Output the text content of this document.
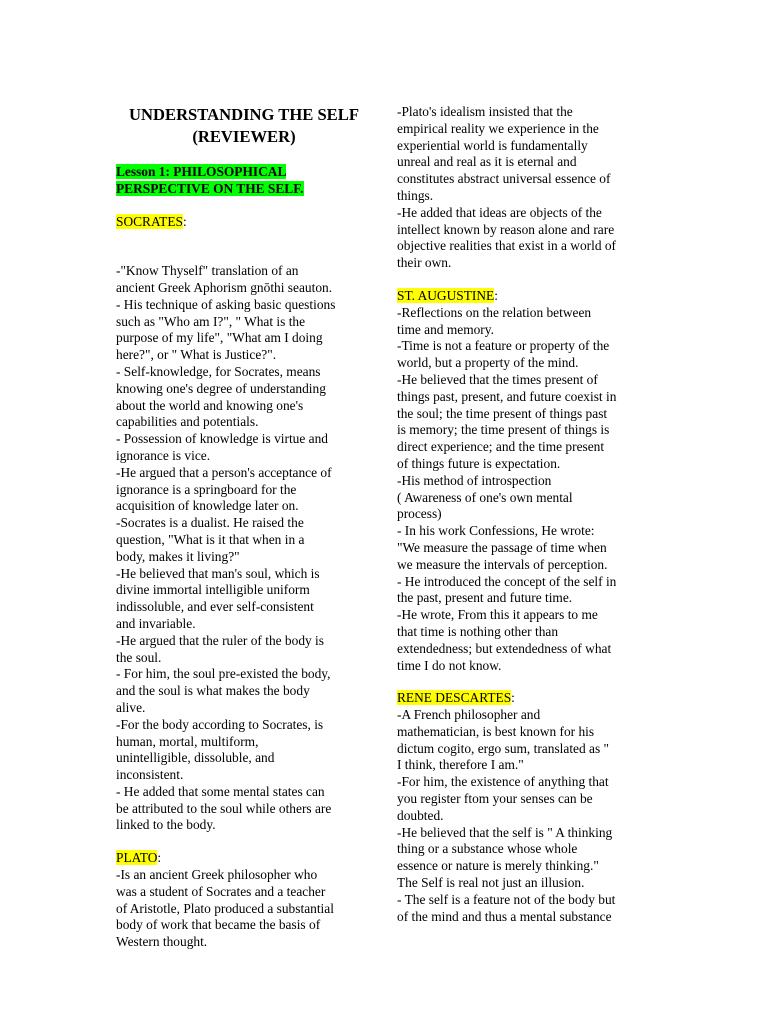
UNDERSTANDING THE SELF
(REVIEWER)
Lesson 1: PHILOSOPHICAL
PERSPECTIVE ON THE SELF.
SOCRATES:
-"Know Thyself" translation of an
ancient Greek Aphorism gnōthi seauton.
- His technique of asking basic questions
such as "Who am I?", " What is the
purpose of my life", "What am I doing
here?", or " What is Justice?".
- Self-knowledge, for Socrates, means
knowing one's degree of understanding
about the world and knowing one's
capabilities and potentials.
- Possession of knowledge is virtue and
ignorance is vice.
-He argued that a person's acceptance of
ignorance is a springboard for the
acquisition of knowledge later on.
-Socrates is a dualist. He raised the
question, "What is it that when in a
body, makes it living?"
-He believed that man's soul, which is
divine immortal intelligible uniform
indissoluble, and ever self-consistent
and invariable.
-He argued that the ruler of the body is
the soul.
- For him, the soul pre-existed the body,
and the soul is what makes the body
alive.
-For the body according to Socrates, is
human, mortal, multiform,
unintelligible, dissoluble, and
inconsistent.
- He added that some mental states can
be attributed to the soul while others are
linked to the body.
PLATO:
-Is an ancient Greek philosopher who
was a student of Socrates and a teacher
of Aristotle, Plato produced a substantial
body of work that became the basis of
Western thought.
-Plato's idealism insisted that the
empirical reality we experience in the
experiential world is fundamentally
unreal and real as it is eternal and
constitutes abstract universal essence of
things.
-He added that ideas are objects of the
intellect known by reason alone and rare
objective realities that exist in a world of
their own.
ST. AUGUSTINE:
-Reflections on the relation between
time and memory.
-Time is not a feature or property of the
world, but a property of the mind.
-He believed that the times present of
things past, present, and future coexist in
the soul; the time present of things past
is memory; the time present of things is
direct experience; and the time present
of things future is expectation.
-His method of introspection
( Awareness of one's own mental
process)
- In his work Confessions, He wrote:
"We measure the passage of time when
we measure the intervals of perception.
- He introduced the concept of the self in
the past, present and future time.
-He wrote, From this it appears to me
that time is nothing other than
extendedness; but extendedness of what
time I do not know.
RENE DESCARTES:
-A French philosopher and
mathematician, is best known for his
dictum cogito, ergo sum, translated as "
I think, therefore I am."
-For him, the existence of anything that
you register ftom your senses can be
doubted.
-He believed that the self is " A thinking
thing or a substance whose whole
essence or nature is merely thinking."
The Self is real not just an illusion.
- The self is a feature not of the body but
of the mind and thus a mental substance
